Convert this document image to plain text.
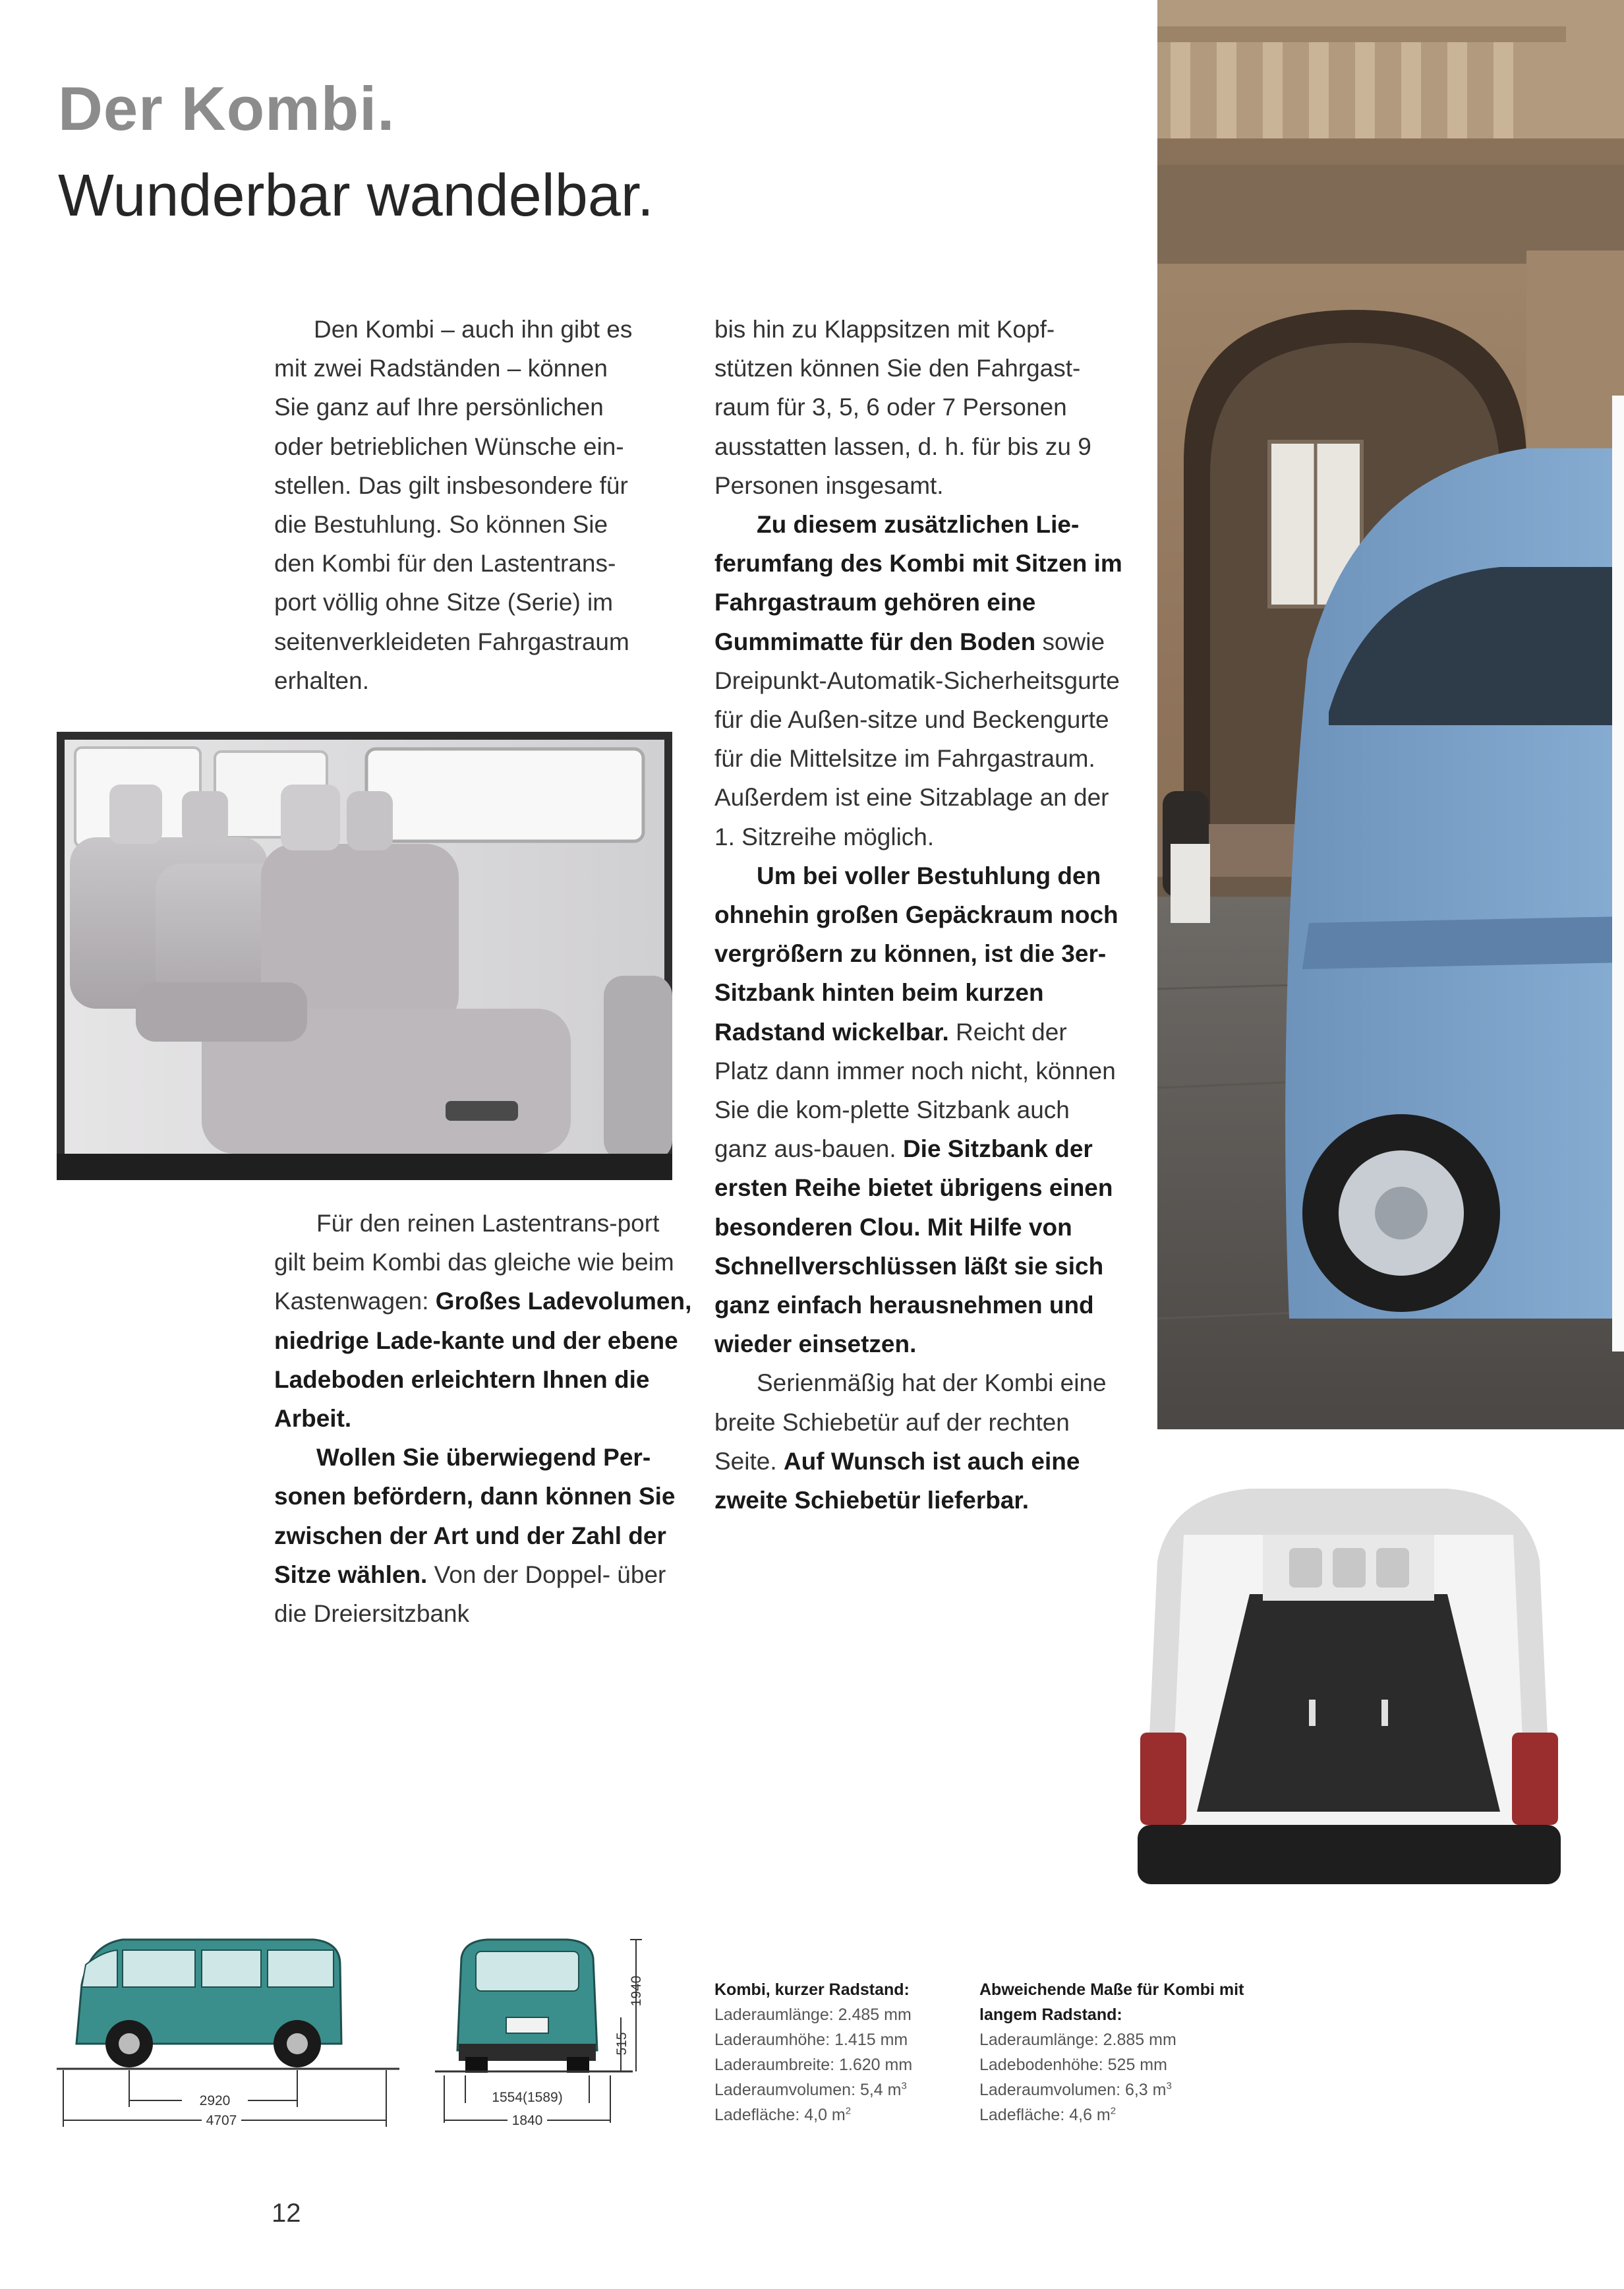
Der Kombi.
Wunderbar wandelbar.

Den Kombi – auch ihn gibt es

mit zwei Radständen – können

Sie ganz auf Ihre persönlichen

oder betrieblichen Wünsche ein-

stellen. Das gilt insbesondere für

die Bestuhlung. So können Sie

den Kombi für den Lastentrans-

port völlig ohne Sitze (Serie) im

seitenverkleideten Fahrgastraum

erhalten.

Für den reinen Lastentrans-port gilt beim Kombi das gleiche wie beim Kastenwagen: Großes Ladevolumen, niedrige Lade-kante und der ebene Ladeboden erleichtern Ihnen die Arbeit.

Wollen Sie überwiegend Per-sonen befördern, dann können Sie zwischen der Art und der Zahl der Sitze wählen. Von der Doppel- über die Dreiersitzbank

bis hin zu Klappsitzen mit Kopf-stützen können Sie den Fahrgast-raum für 3, 5, 6 oder 7 Personen ausstatten lassen, d. h. für bis zu 9 Personen insgesamt.

Zu diesem zusätzlichen Lie-ferumfang des Kombi mit Sitzen im Fahrgastraum gehören eine Gummimatte für den Boden sowie Dreipunkt-Automatik-Sicherheitsgurte für die Außen-sitze und Beckengurte für die Mittelsitze im Fahrgastraum. Außerdem ist eine Sitzablage an der 1. Sitzreihe möglich.

Um bei voller Bestuhlung den ohnehin großen Gepäckraum noch vergrößern zu können, ist die 3er-Sitzbank hinten beim kurzen Radstand wickelbar. Reicht der Platz dann immer noch nicht, können Sie die kom-plette Sitzbank auch ganz aus-bauen. Die Sitzbank der ersten Reihe bietet übrigens einen besonderen Clou. Mit Hilfe von Schnellverschlüssen läßt sie sich ganz einfach herausnehmen und wieder einsetzen.

Serienmäßig hat der Kombi eine breite Schiebetür auf der rechten Seite. Auf Wunsch ist auch eine zweite Schiebetür lieferbar.

2920
4707
1940
515
1554(1589)
1840
Kombi, kurzer Radstand:
Laderaumlänge: 2.485 mm
Laderaumhöhe: 1.415 mm
Laderaumbreite: 1.620 mm
Laderaumvolumen: 5,4 $m^3$
Ladefläche: 4,0 $m^2$
Abweichende Maße für Kombi mit
langem Radstand:
Laderaumlänge: 2.885 mm
Ladebodenhöhe: 525 mm
Laderaumvolumen: 6,3 $m^3$
Ladefläche: 4,6 $m^2$
12
